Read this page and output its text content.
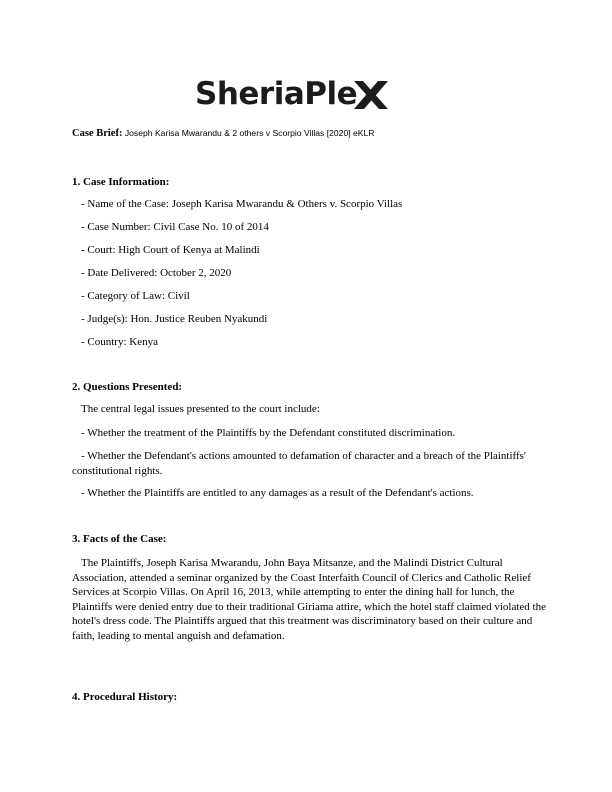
SheriaPle
Case Brief: Joseph Karisa Mwarandu & 2 others v Scorpio Villas [2020] eKLR
1. Case Information:
- Name of the Case: Joseph Karisa Mwarandu & Others v. Scorpio Villas
- Case Number: Civil Case No. 10 of 2014
- Court: High Court of Kenya at Malindi
- Date Delivered: October 2, 2020
- Category of Law: Civil
- Judge(s): Hon. Justice Reuben Nyakundi
- Country: Kenya
2. Questions Presented:
The central legal issues presented to the court include:
- Whether the treatment of the Plaintiffs by the Defendant constituted discrimination.
- Whether the Defendant's actions amounted to defamation of character and a breach of the Plaintiffs' constitutional rights.
- Whether the Plaintiffs are entitled to any damages as a result of the Defendant's actions.
3. Facts of the Case:
The Plaintiffs, Joseph Karisa Mwarandu, John Baya Mitsanze, and the Malindi District Cultural Association, attended a seminar organized by the Coast Interfaith Council of Clerics and Catholic Relief Services at Scorpio Villas. On April 16, 2013, while attempting to enter the dining hall for lunch, the Plaintiffs were denied entry due to their traditional Giriama attire, which the hotel staff claimed violated the hotel's dress code. The Plaintiffs argued that this treatment was discriminatory based on their culture and faith, leading to mental anguish and defamation.
4. Procedural History:
